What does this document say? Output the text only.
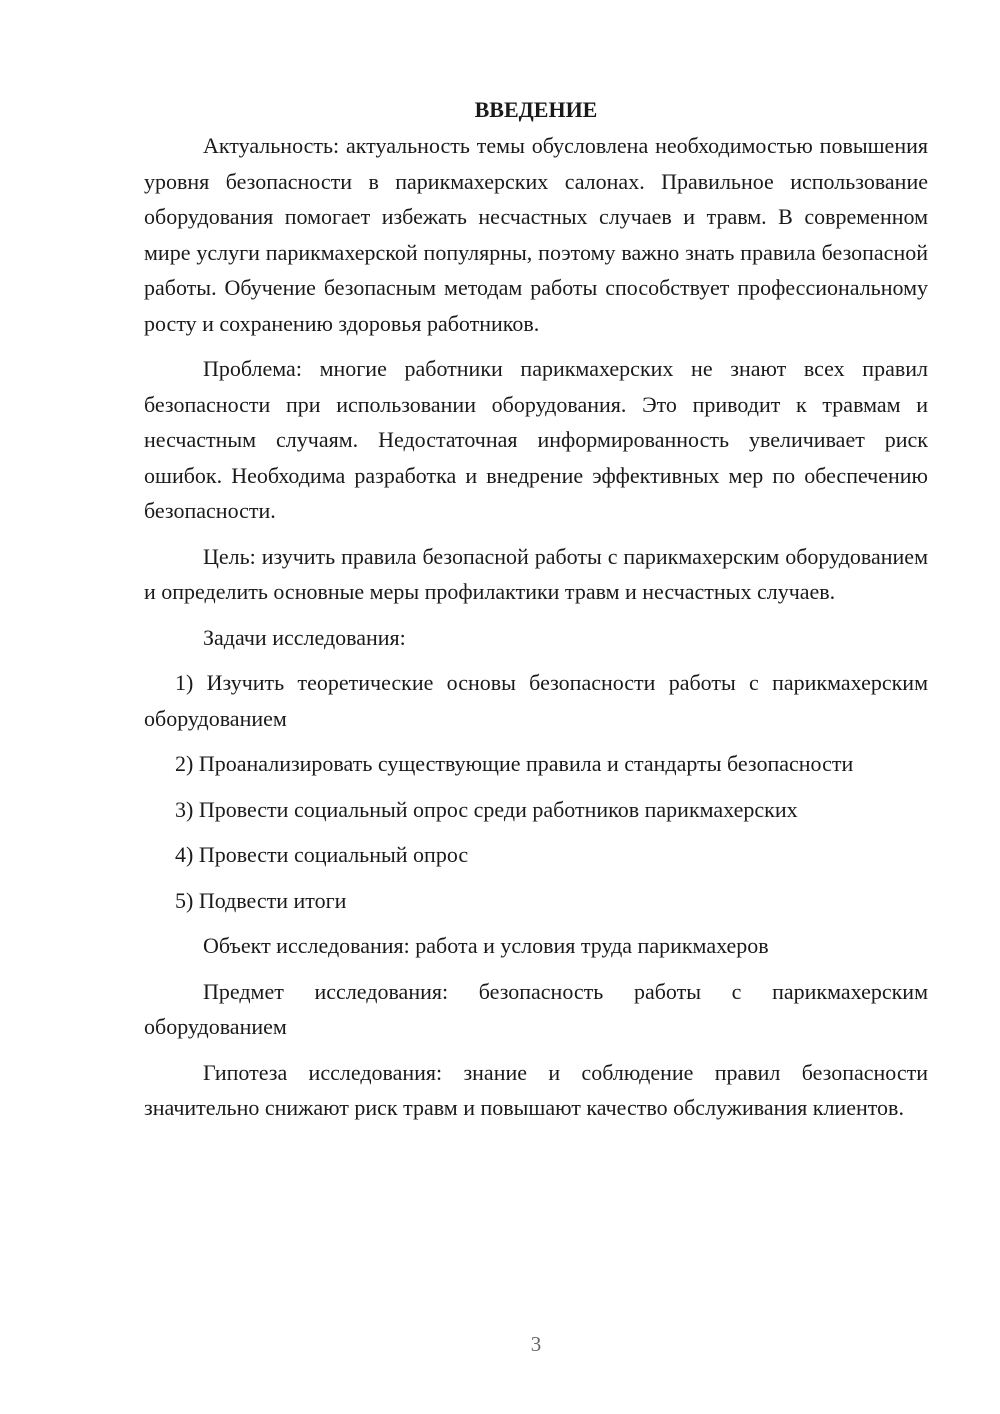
ВВЕДЕНИЕ

Актуальность: актуальность темы обусловлена необходимостью повышения уровня безопасности в парикмахерских салонах. Правильное использование оборудования помогает избежать несчастных случаев и травм. В современном мире услуги парикмахерской популярны, поэтому важно знать правила безопасной работы. Обучение безопасным методам работы способствует профессиональному росту и сохранению здоровья работников.

Проблема: многие работники парикмахерских не знают всех правил безопасности при использовании оборудования. Это приводит к травмам и несчастным случаям. Недостаточная информированность увеличивает риск ошибок. Необходима разработка и внедрение эффективных мер по обеспечению безопасности.

Цель: изучить правила безопасной работы с парикмахерским оборудованием и определить основные меры профилактики травм и несчастных случаев.

Задачи исследования:

1) Изучить теоретические основы безопасности работы с парикмахерским оборудованием

2) Проанализировать существующие правила и стандарты безопасности

3) Провести социальный опрос среди работников парикмахерских

4) Провести социальный опрос

5) Подвести итоги

Объект исследования: работа и условия труда парикмахеров

Предмет исследования: безопасность работы с парикмахерским оборудованием

Гипотеза исследования: знание и соблюдение правил безопасности значительно снижают риск травм и повышают качество обслуживания клиентов.

3
